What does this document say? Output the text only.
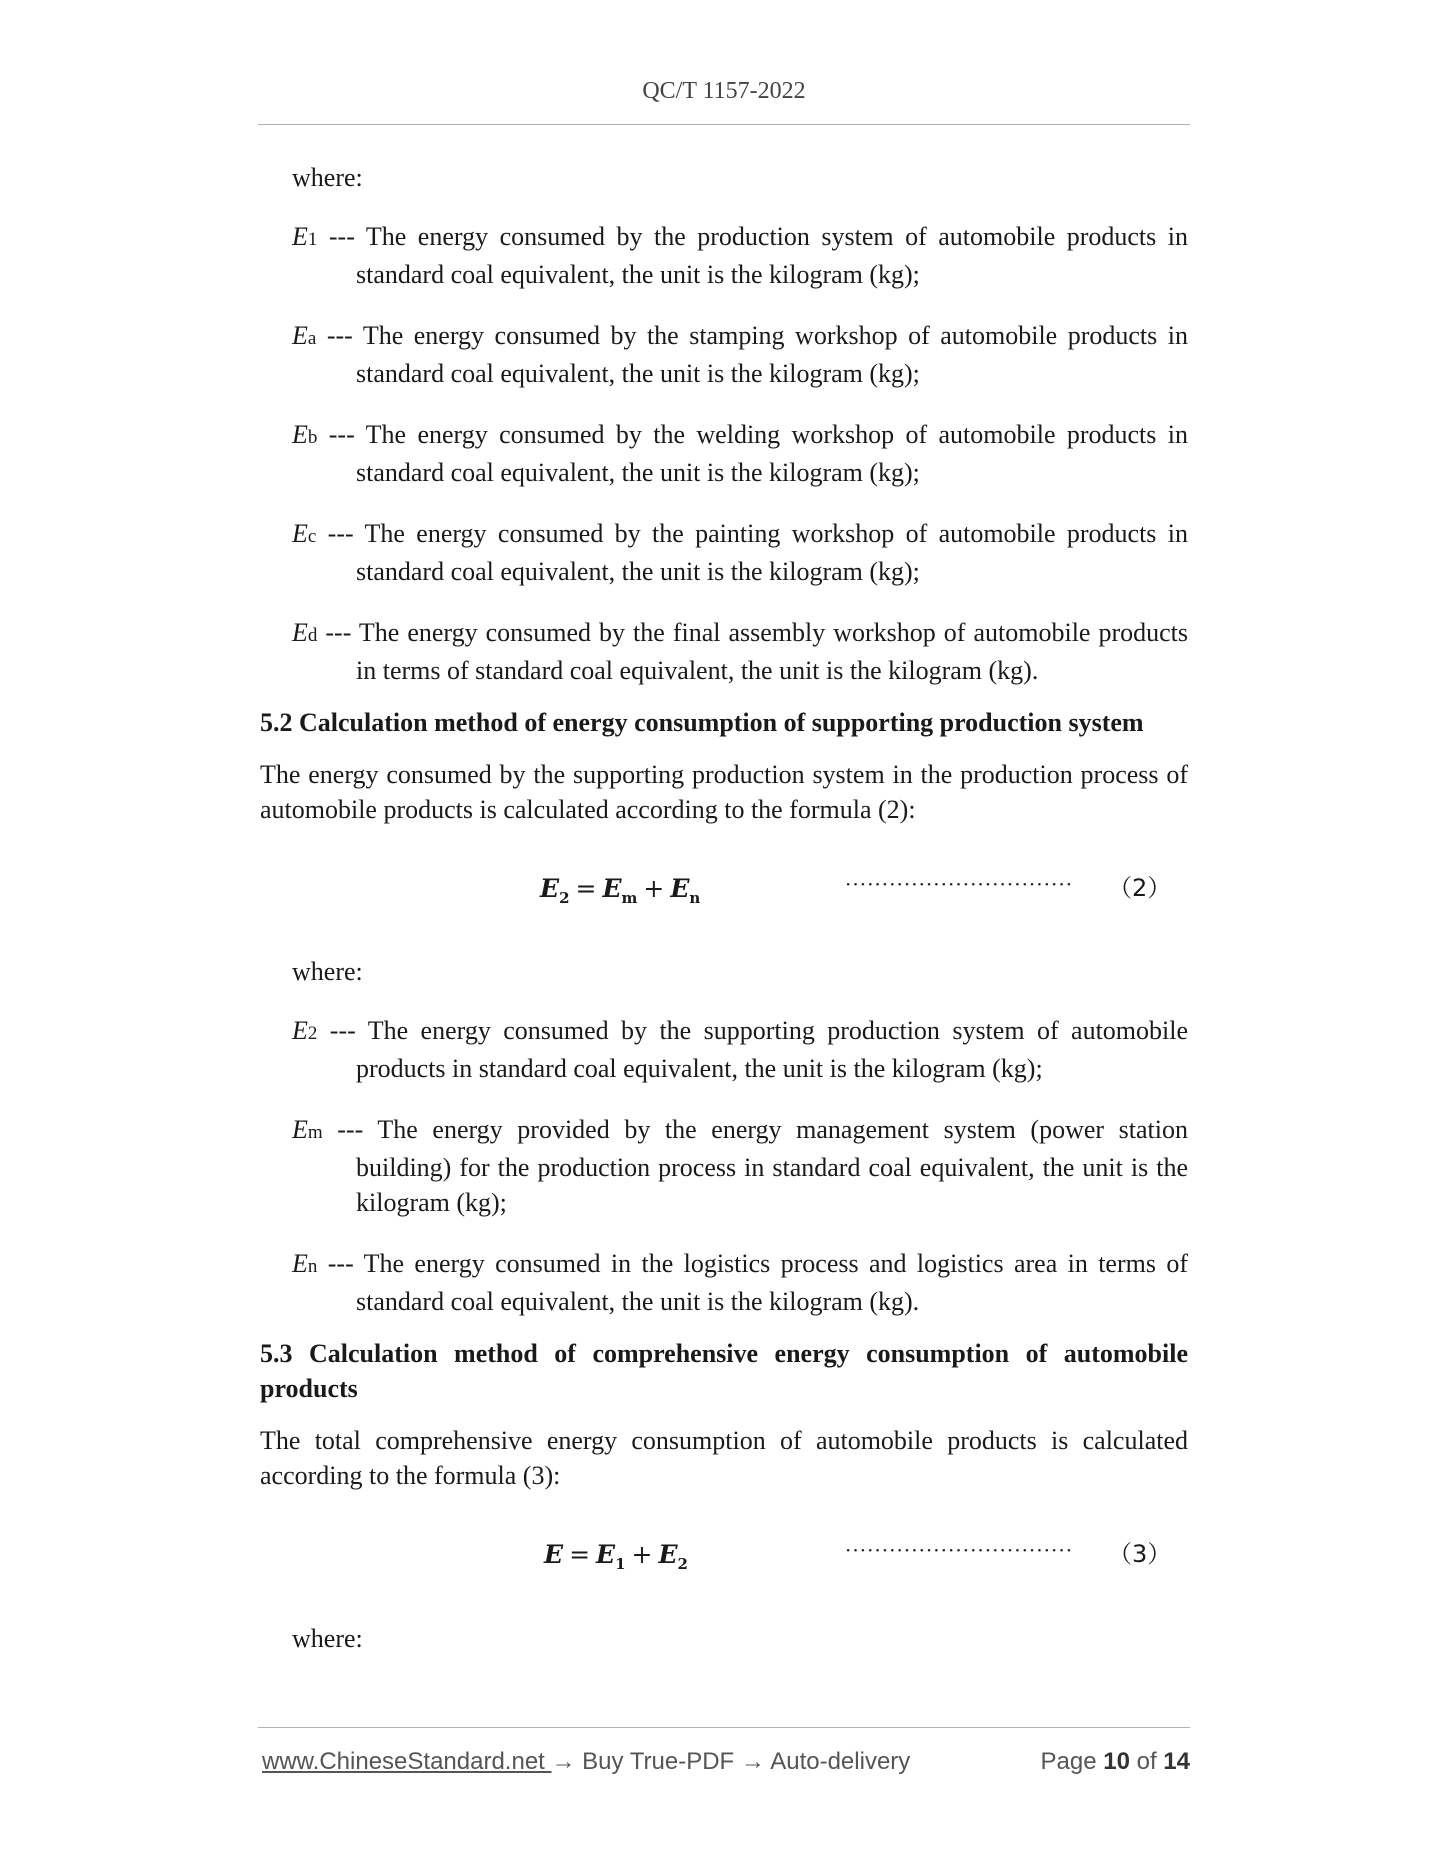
QC/T 1157-2022

where:

E1 --- The energy consumed by the production system of automobile products in standard coal equivalent, the unit is the kilogram (kg);

Ea --- The energy consumed by the stamping workshop of automobile products in standard coal equivalent, the unit is the kilogram (kg);

Eb --- The energy consumed by the welding workshop of automobile products in standard coal equivalent, the unit is the kilogram (kg);

Ec --- The energy consumed by the painting workshop of automobile products in standard coal equivalent, the unit is the kilogram (kg);

Ed --- The energy consumed by the final assembly workshop of automobile products in terms of standard coal equivalent, the unit is the kilogram (kg).

5.2 Calculation method of energy consumption of supporting production system

The energy consumed by the supporting production system in the production process of automobile products is calculated according to the formula (2):

$E_2 = E_m + E_n$
······························· （2）

where:

E2 --- The energy consumed by the supporting production system of automobile products in standard coal equivalent, the unit is the kilogram (kg);

Em --- The energy provided by the energy management system (power station building) for the production process in standard coal equivalent, the unit is the kilogram (kg);

En --- The energy consumed in the logistics process and logistics area in terms of standard coal equivalent, the unit is the kilogram (kg).

5.3 Calculation method of comprehensive energy consumption of automobile products

The total comprehensive energy consumption of automobile products is calculated according to the formula (3):

$E = E_1 + E_2$
······························· （3）

where:

www.ChineseStandard.net → Buy True-PDF → Auto-delivery	Page 10 of 14
